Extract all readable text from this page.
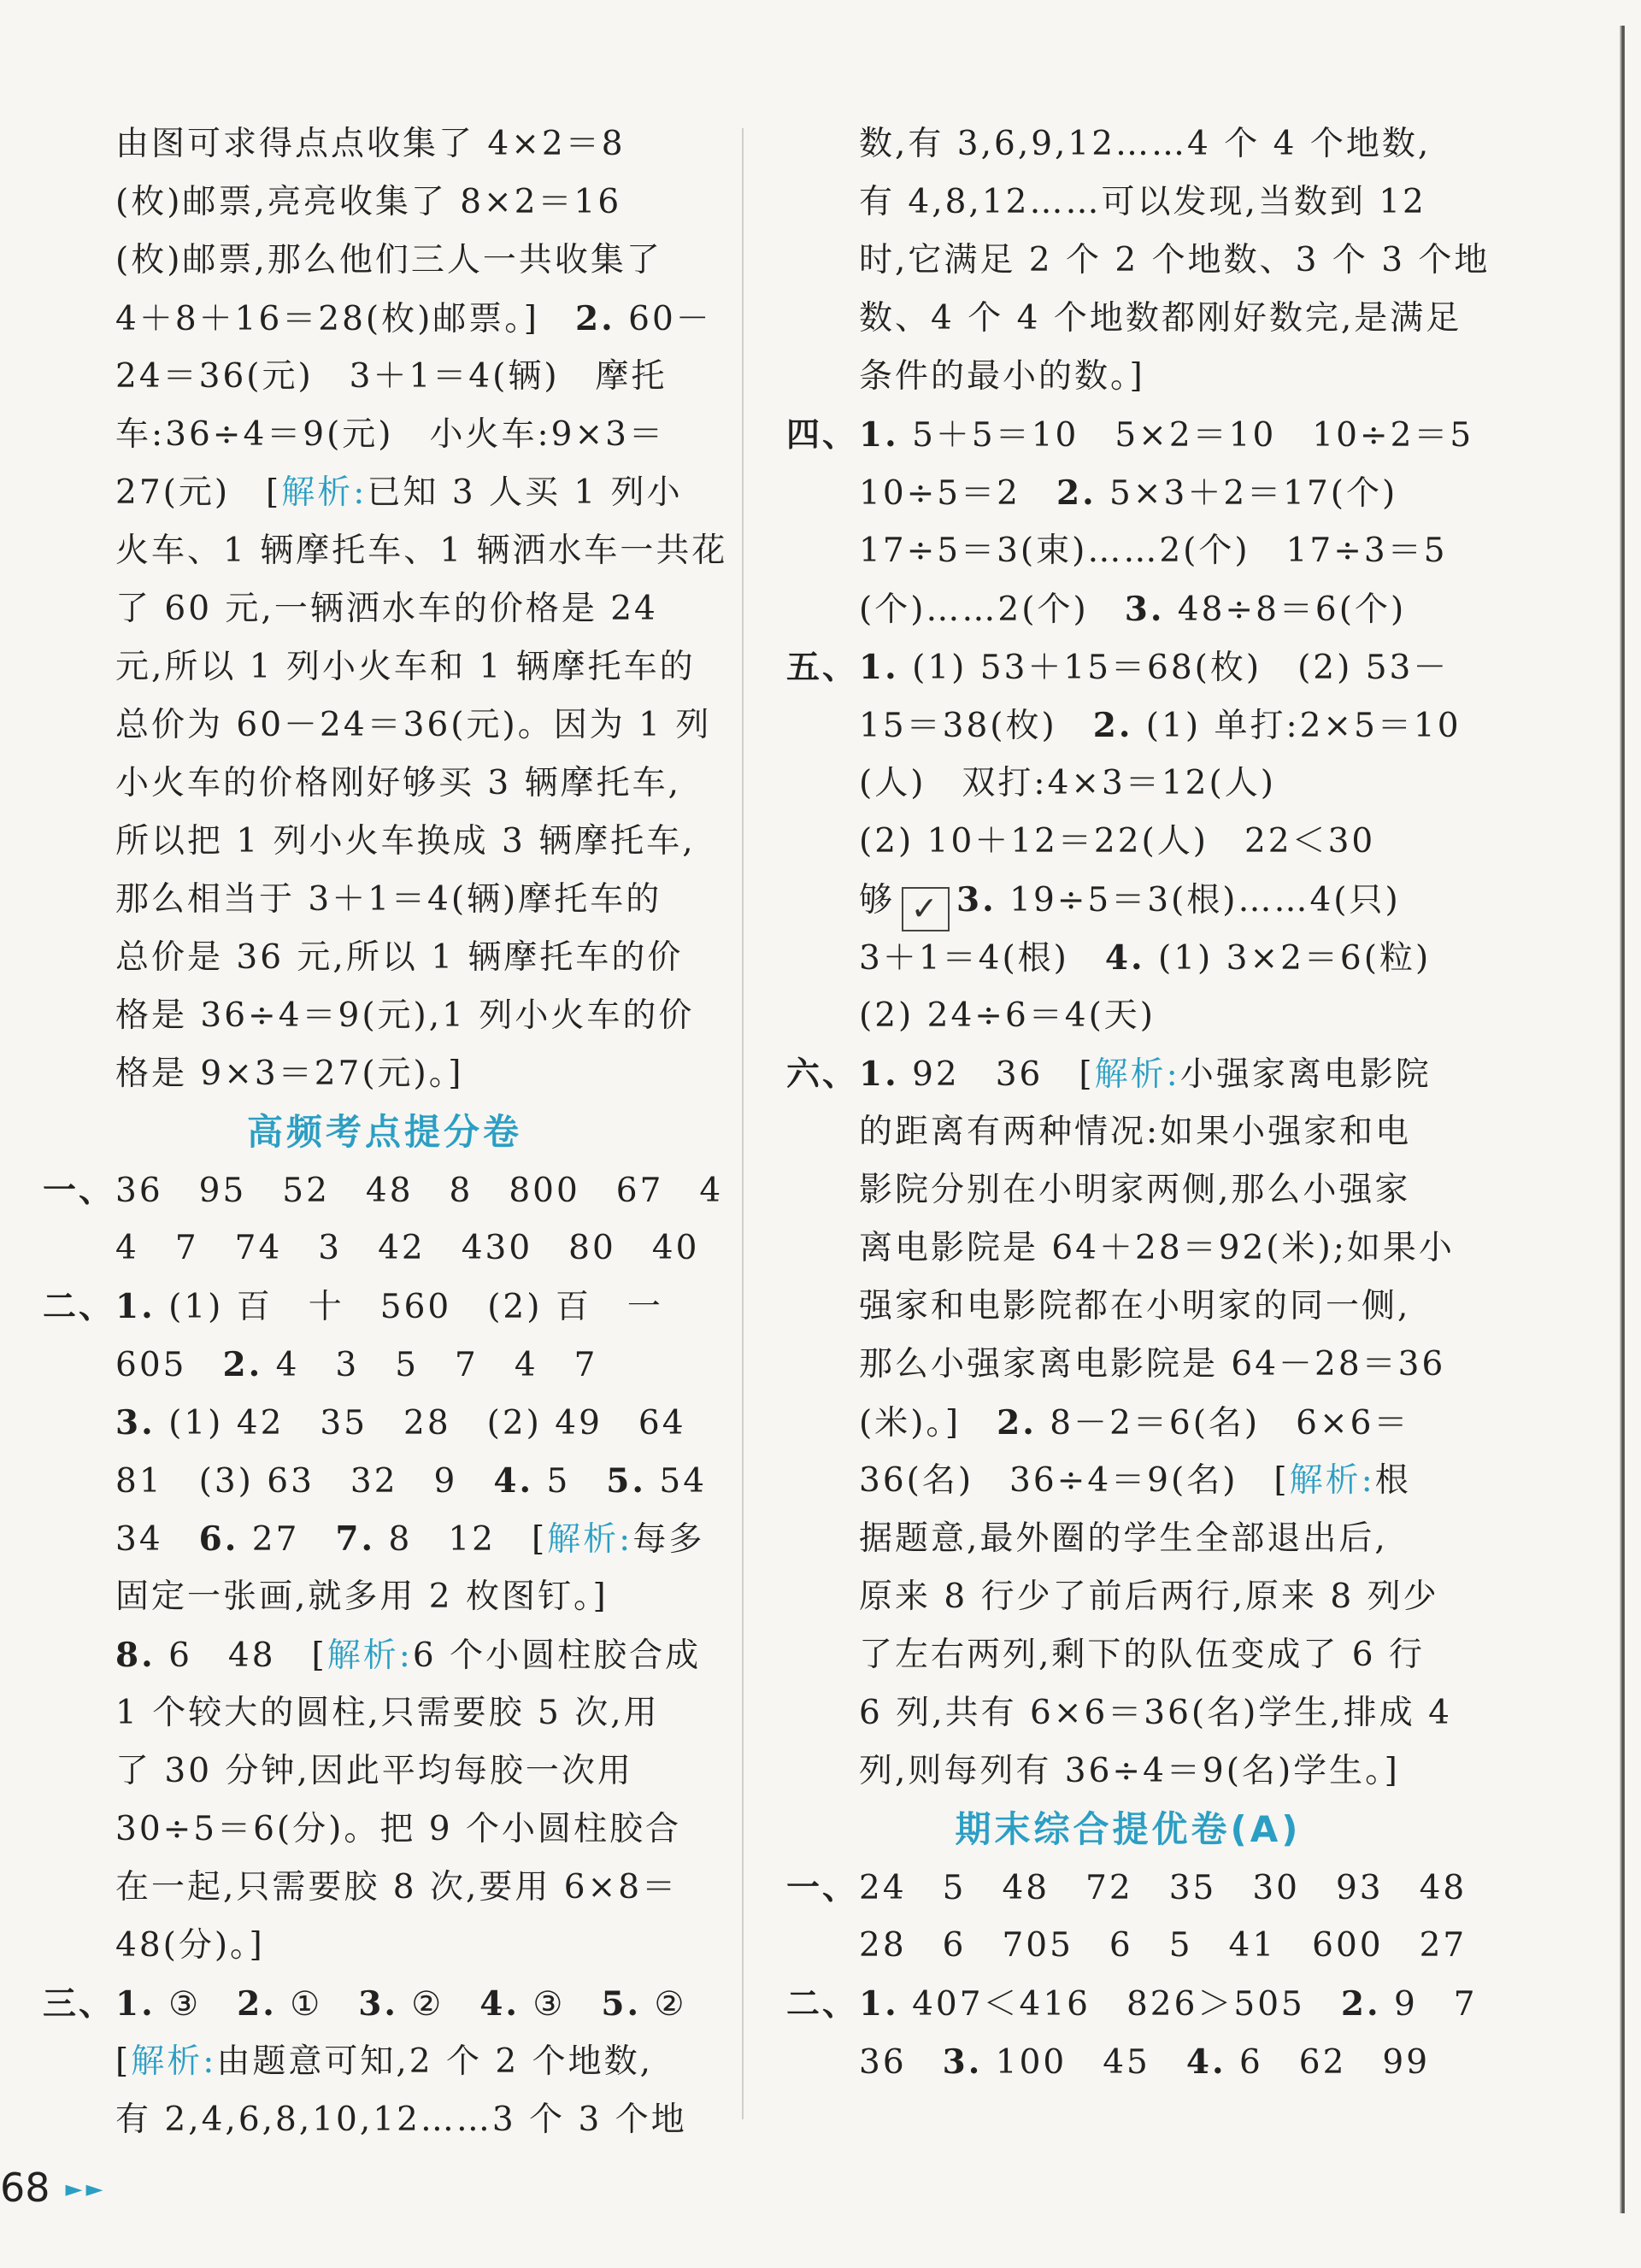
由图可求得点点收集了 4×2＝8
(枚)邮票,亮亮收集了 8×2＝16
(枚)邮票,那么他们三人一共收集了
4＋8＋16＝28(枚)邮票。]　2. 60－
24＝36(元)　3＋1＝4(辆)　摩托
车:36÷4＝9(元)　小火车:9×3＝
27(元)　[解析:已知 3 人买 1 列小
火车、1 辆摩托车、1 辆洒水车一共花
了 60 元,一辆洒水车的价格是 24
元,所以 1 列小火车和 1 辆摩托车的
总价为 60－24＝36(元)。因为 1 列
小火车的价格刚好够买 3 辆摩托车,
所以把 1 列小火车换成 3 辆摩托车,
那么相当于 3＋1＝4(辆)摩托车的
总价是 36 元,所以 1 辆摩托车的价
格是 36÷4＝9(元),1 列小火车的价
格是 9×3＝27(元)。]
高频考点提分卷
一、36　95　52　48　8　800　67　4
4　7　74　3　42　430　80　40
二、1. (1) 百　十　560　(2) 百　一
605　2. 4　3　5　7　4　7
3. (1) 42　35　28　(2) 49　64
81　(3) 63　32　9　4. 5　5. 54
34　6. 27　7. 8　12　[解析:每多
固定一张画,就多用 2 枚图钉。]
8. 6　48　[解析:6 个小圆柱胶合成
1 个较大的圆柱,只需要胶 5 次,用
了 30 分钟,因此平均每胶一次用
30÷5＝6(分)。把 9 个小圆柱胶合
在一起,只需要胶 8 次,要用 6×8＝
48(分)。]
三、1. ③　2. ①　3. ②　4. ③　5. ②
[解析:由题意可知,2 个 2 个地数,
有 2,4,6,8,10,12……3 个 3 个地
数,有 3,6,9,12……4 个 4 个地数,
有 4,8,12……可以发现,当数到 12
时,它满足 2 个 2 个地数、3 个 3 个地
数、4 个 4 个地数都刚好数完,是满足
条件的最小的数。]
四、1. 5＋5＝10　5×2＝10　10÷2＝5
10÷5＝2　2. 5×3＋2＝17(个)
17÷5＝3(束)……2(个)　17÷3＝5
(个)……2(个)　3. 48÷8＝6(个)
五、1. (1) 53＋15＝68(枚)　(2) 53－
15＝38(枚)　2. (1) 单打:2×5＝10
(人)　双打:4×3＝12(人)
(2) 10＋12＝22(人)　22＜30
够 ✓ 3. 19÷5＝3(根)……4(只)
3＋1＝4(根)　4. (1) 3×2＝6(粒)
(2) 24÷6＝4(天)
六、1. 92　36　[解析:小强家离电影院
的距离有两种情况:如果小强家和电
影院分别在小明家两侧,那么小强家
离电影院是 64＋28＝92(米);如果小
强家和电影院都在小明家的同一侧,
那么小强家离电影院是 64－28＝36
(米)。]　2. 8－2＝6(名)　6×6＝
36(名)　36÷4＝9(名)　[解析:根
据题意,最外圈的学生全部退出后,
原来 8 行少了前后两行,原来 8 列少
了左右两列,剩下的队伍变成了 6 行
6 列,共有 6×6＝36(名)学生,排成 4
列,则每列有 36÷4＝9(名)学生。]
期末综合提优卷(A)
一、24　5　48　72　35　30　93　48
28　6　705　6　5　41　600　27
二、1. 407＜416　826＞505　2. 9　7
36　3. 100　45　4. 6　62　99
68 ►►
